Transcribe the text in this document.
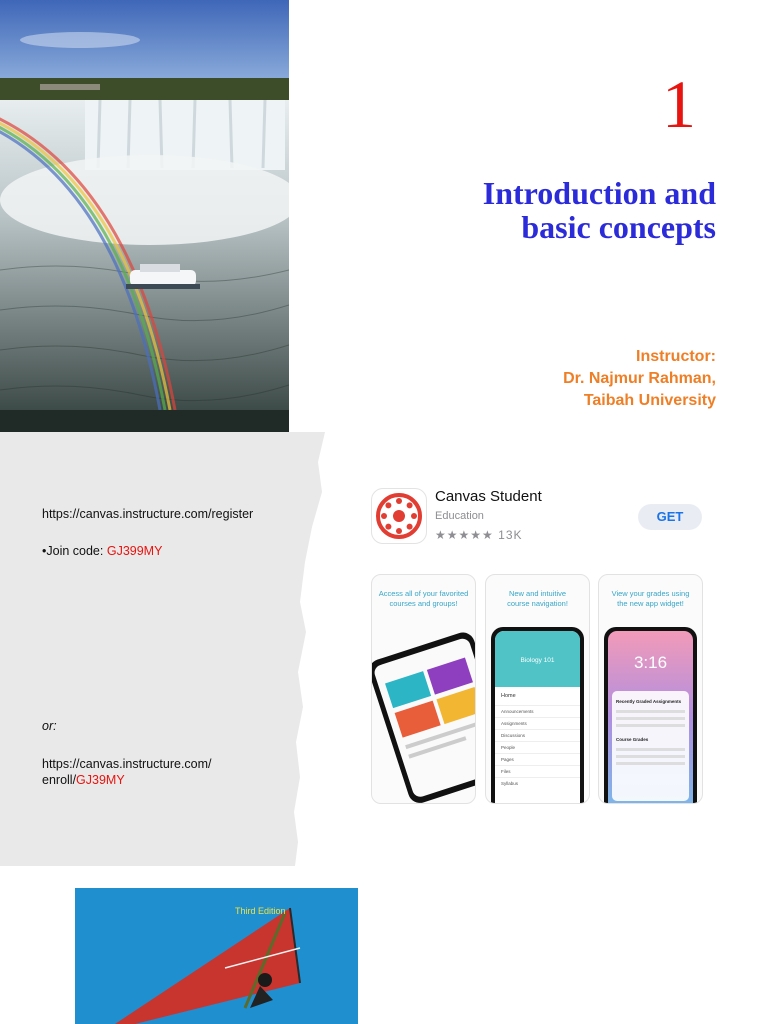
1
Introduction and
basic concepts
Instructor:
Dr. Najmur Rahman,
Taibah University
https://canvas.instructure.com/register
•Join code: GJ399MY
or:
https://canvas.instructure.com/
enroll/GJ39MY
Canvas Student
Education
★★★★★ 13K
GET
Access all of your favorited
courses and groups!
New and intuitive
course navigation!
Biology 101
Home
Announcements
Assignments
Discussions
People
Pages
Files
Syllabus
View your grades using
the new app widget!
3:16
Recently Graded Assignments
Course Grades
Third Edition
